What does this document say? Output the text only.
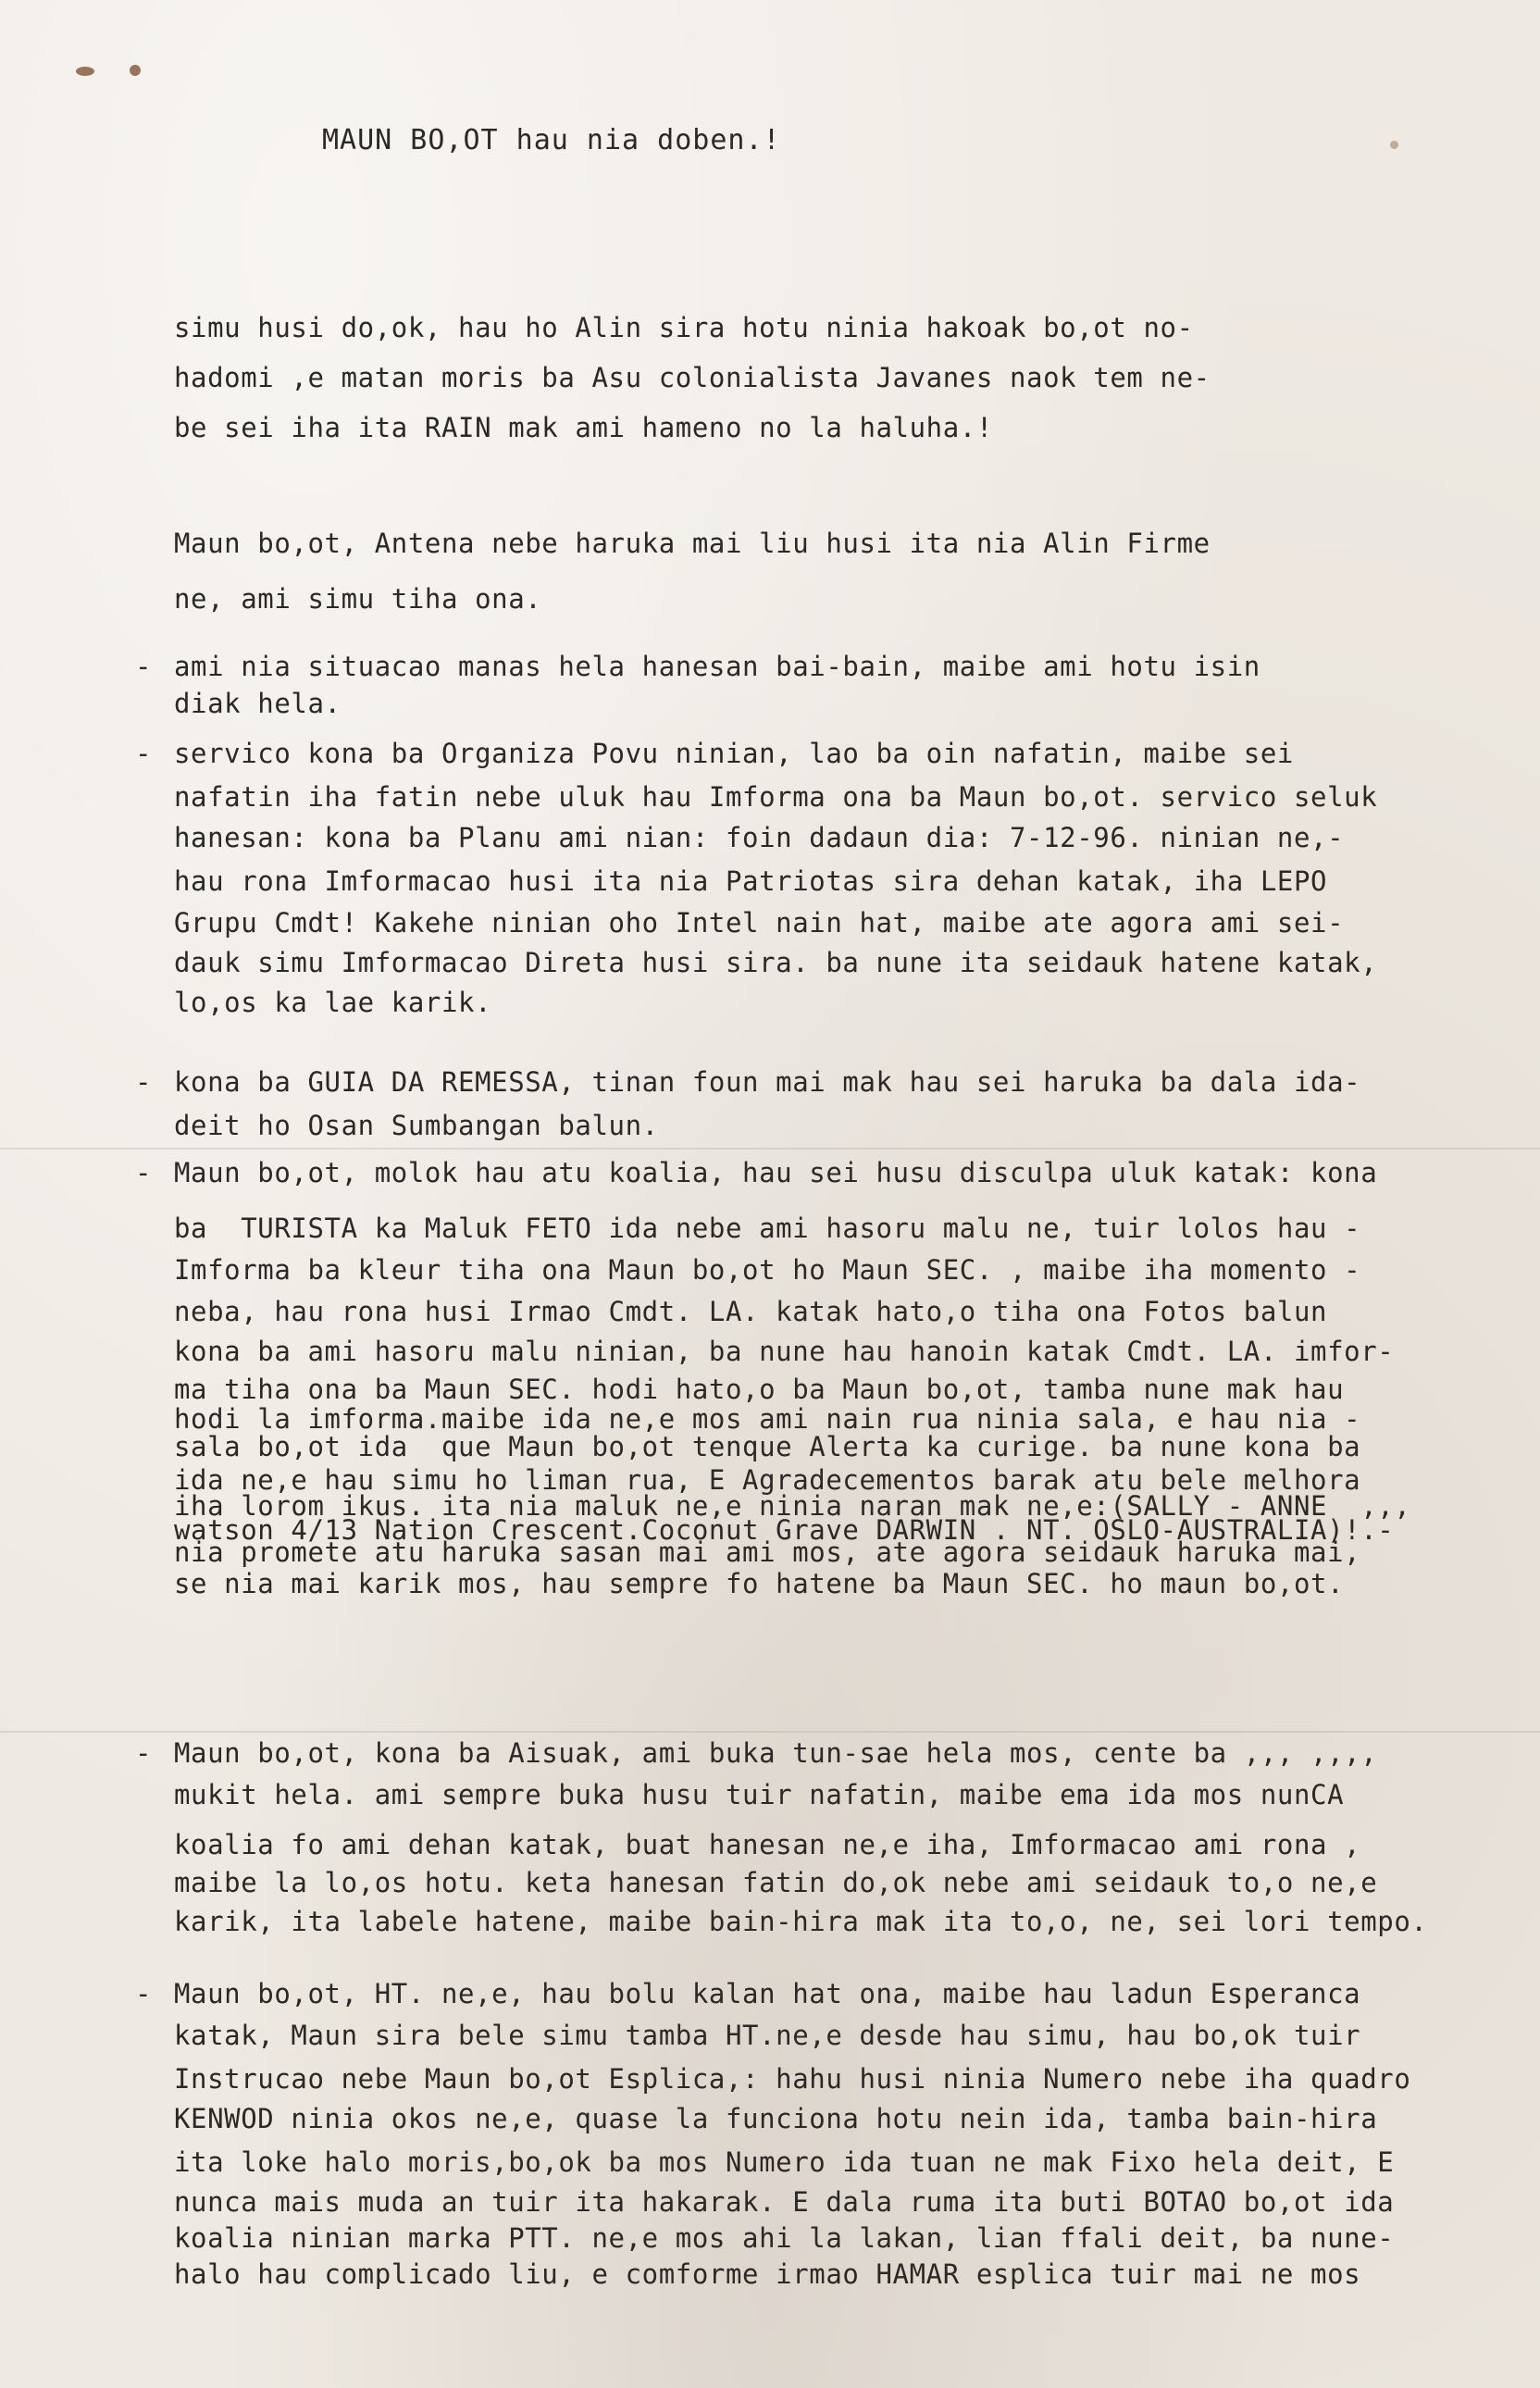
MAUN BO,OT hau nia doben.!
simu husi do,ok, hau ho Alin sira hotu ninia hakoak bo,ot no-
hadomi ,e matan moris ba Asu colonialista Javanes naok tem ne-
be sei iha ita RAIN mak ami hameno no la haluha.!
Maun bo,ot, Antena nebe haruka mai liu husi ita nia Alin Firme
ne, ami simu tiha ona.
- ami nia situacao manas hela hanesan bai-bain, maibe ami hotu isin
diak hela.
- servico kona ba Organiza Povu ninian, lao ba oin nafatin, maibe sei
nafatin iha fatin nebe uluk hau Imforma ona ba Maun bo,ot. servico seluk
hanesan: kona ba Planu ami nian: foin dadaun dia: 7-12-96. ninian ne,-
hau rona Imformacao husi ita nia Patriotas sira dehan katak, iha LEPO
Grupu Cmdt! Kakehe ninian oho Intel nain hat, maibe ate agora ami sei-
dauk simu Imformacao Direta husi sira. ba nune ita seidauk hatene katak,
lo,os ka lae karik.
- kona ba GUIA DA REMESSA, tinan foun mai mak hau sei haruka ba dala ida-
deit ho Osan Sumbangan balun.
- Maun bo,ot, molok hau atu koalia, hau sei husu disculpa uluk katak: kona
ba  TURISTA ka Maluk FETO ida nebe ami hasoru malu ne, tuir lolos hau -
Imforma ba kleur tiha ona Maun bo,ot ho Maun SEC. , maibe iha momento -
neba, hau rona husi Irmao Cmdt. LA. katak hato,o tiha ona Fotos balun
kona ba ami hasoru malu ninian, ba nune hau hanoin katak Cmdt. LA. imfor-
ma tiha ona ba Maun SEC. hodi hato,o ba Maun bo,ot, tamba nune mak hau
hodi la imforma.maibe ida ne,e mos ami nain rua ninia sala, e hau nia -
sala bo,ot ida  que Maun bo,ot tenque Alerta ka curige. ba nune kona ba
ida ne,e hau simu ho liman rua, E Agradecementos barak atu bele melhora
iha lorom ikus. ita nia maluk ne,e ninia naran mak ne,e:(SALLY - ANNE  ,,,
watson 4/13 Nation Crescent.Coconut Grave DARWIN . NT. OSLO-AUSTRALIA)!.-
nia promete atu haruka sasan mai ami mos, ate agora seidauk haruka mai,
se nia mai karik mos, hau sempre fo hatene ba Maun SEC. ho maun bo,ot.
- Maun bo,ot, kona ba Aisuak, ami buka tun-sae hela mos, cente ba ,,, ,,,,
mukit hela. ami sempre buka husu tuir nafatin, maibe ema ida mos nunCA
koalia fo ami dehan katak, buat hanesan ne,e iha, Imformacao ami rona ,
maibe la lo,os hotu. keta hanesan fatin do,ok nebe ami seidauk to,o ne,e
karik, ita labele hatene, maibe bain-hira mak ita to,o, ne, sei lori tempo.
- Maun bo,ot, HT. ne,e, hau bolu kalan hat ona, maibe hau ladun Esperanca
katak, Maun sira bele simu tamba HT.ne,e desde hau simu, hau bo,ok tuir
Instrucao nebe Maun bo,ot Esplica,: hahu husi ninia Numero nebe iha quadro
KENWOD ninia okos ne,e, quase la funciona hotu nein ida, tamba bain-hira
ita loke halo moris,bo,ok ba mos Numero ida tuan ne mak Fixo hela deit, E
nunca mais muda an tuir ita hakarak. E dala ruma ita buti BOTAO bo,ot ida
koalia ninian marka PTT. ne,e mos ahi la lakan, lian ffali deit, ba nune-
halo hau complicado liu, e comforme irmao HAMAR esplica tuir mai ne mos
